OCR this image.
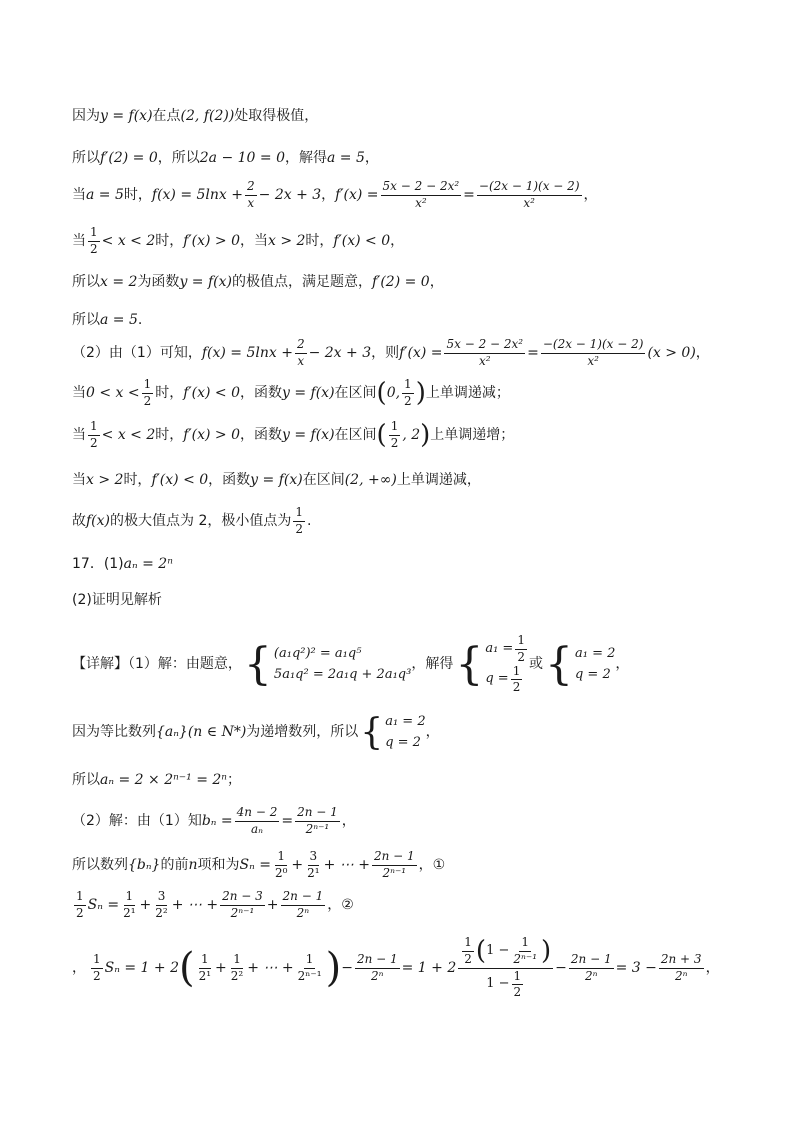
因为 y = f(x) 在点 (2, f(2)) 处取得极值，
所以 f′(2) = 0 ，所以 2a − 10 = 0 ，解得 a = 5 ，
当 a = 5 时， $f(x) = 5\ln x + \frac{2}{x} - 2x + 3$ ， $f'(x) = \frac{\text{5x − 2 − 2x²}}{\text{x²}} = \frac{-(2x - 1)(x - 2)}{\text{x²}}$ ，
当 $\frac{1}{2} < x < 2$ 时， f′(x) > 0 ，当 x > 2 时， f′(x) < 0 ，
所以 x = 2 为函数 y = f(x) 的极值点，满足题意， f′(2) = 0 ，
所以 a = 5 .
（2）由（1）可知， $f(x) = 5\ln x + \frac{2}{x} - 2x + 3$ ，则 $f'(x) = \frac{\text{5x − 2 − 2x²}}{\text{x²}} = \frac{-(2x - 1)(x - 2)}{\text{x²}} (x > 0)$ ，
当 $0 < x < \frac{1}{2}$ 时， f′(x) < 0 ，函数 y = f(x) 在区间 ( 0, $\frac{1}{2}$ ) 上单调递减；
当 $\frac{1}{2} < x < 2$ 时， f′(x) > 0 ，函数 y = f(x) 在区间 ( $\frac{1}{2}$ , 2 ) 上单调递增；
当 x > 2 时， f′(x) < 0 ，函数 y = f(x) 在区间 (2, +∞) 上单调递减，
故 f(x) 的极大值点为 2，极小值点为 $\frac{1}{2}$ .
17．(1) aₙ = 2ⁿ
(2)证明见解析
【详解】（1）解：由题意， { (a₁q²)² = a₁q⁵
5a₁q² = 2a₁q + 2a₁q³
，解得 { $a_1 = \frac{1}{2}$
$q = \frac{1}{2}$
或 { a₁ = 2
q = 2
，
因为等比数列 {aₙ}(n ∈ N*) 为递增数列，所以 { a₁ = 2
q = 2
，
所以 aₙ = 2 × 2ⁿ⁻¹ = 2ⁿ ；
（2）解：由（1）知 $b_n = \frac{4n - 2}{\text{aₙ}} = \frac{2n - 1}{\text{2ⁿ⁻¹}}$ ，
所以数列 {bₙ} 的前 n 项和为 $S_n = \frac{1}{\text{2⁰}} + \frac{3}{\text{2¹}}$ + ⋯ + $\frac{2n - 1}{\text{2ⁿ⁻¹}}$ ，①
$\frac{1}{2}$ $S_n = \frac{1}{\text{2¹}} + \frac{3}{\text{2²}}$ + ⋯ + $\frac{2n - 3}{\text{2ⁿ⁻¹}} + \frac{2n - 1}{\text{2ⁿ}}$ ，②
， $\frac{1}{2}$ Sₙ = 1 + 2 ( $\frac{1}{\text{2¹}} + \frac{1}{\text{2²}}$ + ⋯ + $\frac{1}{\text{2ⁿ⁻¹}}$ ) − $\frac{2n - 1}{\text{2ⁿ}} = 1 + 2 \frac{\frac{1}{2} ( 1 - \frac{1}{\text{2ⁿ⁻¹}} )}{1 - \frac{1}{2}} - \frac{2n - 1}{\text{2ⁿ}} = 3 - \frac{2n + 3}{\text{2ⁿ}}$ ，
